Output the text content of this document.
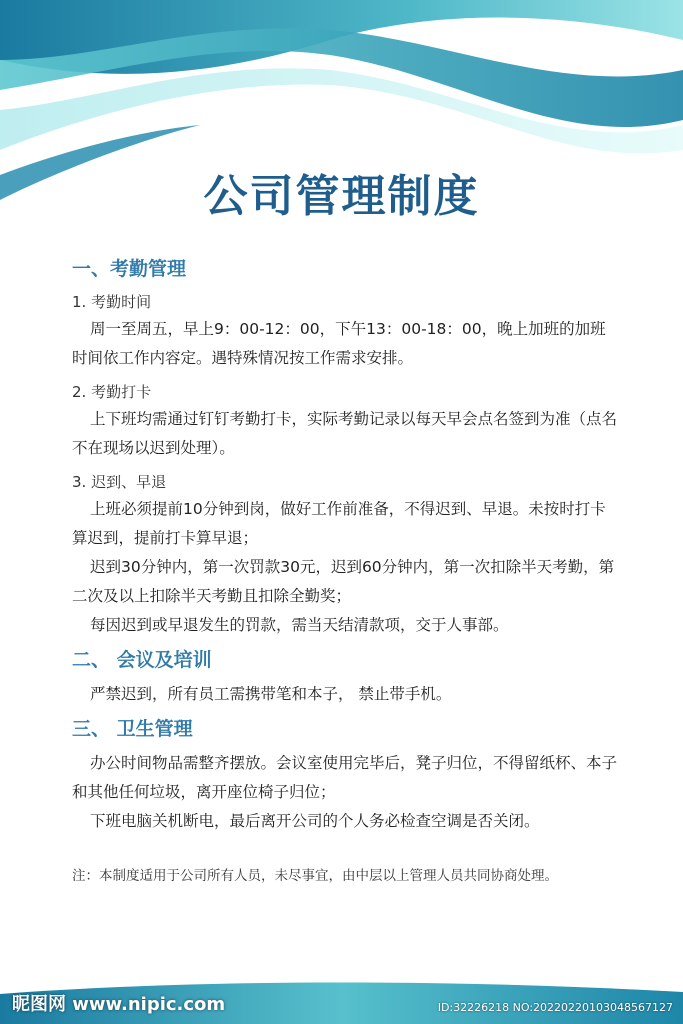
公司管理制度
一、考勤管理
1. 考勤时间

周一至周五，早上9：00-12：00，下午13：00-18：00，晚上加班的加班时间依工作内容定。遇特殊情况按工作需求安排。

2. 考勤打卡

上下班均需通过钉钉考勤打卡，实际考勤记录以每天早会点名签到为准（点名不在现场以迟到处理）。

3. 迟到、早退

上班必须提前10分钟到岗，做好工作前准备，不得迟到、早退。未按时打卡算迟到，提前打卡算早退；

迟到30分钟内，第一次罚款30元，迟到60分钟内，第一次扣除半天考勤，第二次及以上扣除半天考勤且扣除全勤奖；

每因迟到或早退发生的罚款，需当天结清款项，交于人事部。

二、 会议及培训

严禁迟到，所有员工需携带笔和本子， 禁止带手机。

三、 卫生管理

办公时间物品需整齐摆放。会议室使用完毕后，凳子归位，不得留纸杯、本子和其他任何垃圾，离开座位椅子归位；

下班电脑关机断电，最后离开公司的个人务必检查空调是否关闭。

注：本制度适用于公司所有人员，未尽事宜，由中层以上管理人员共同协商处理。
昵图网 www.nipic.com	ID:32226218 NO:20220220103048567127
